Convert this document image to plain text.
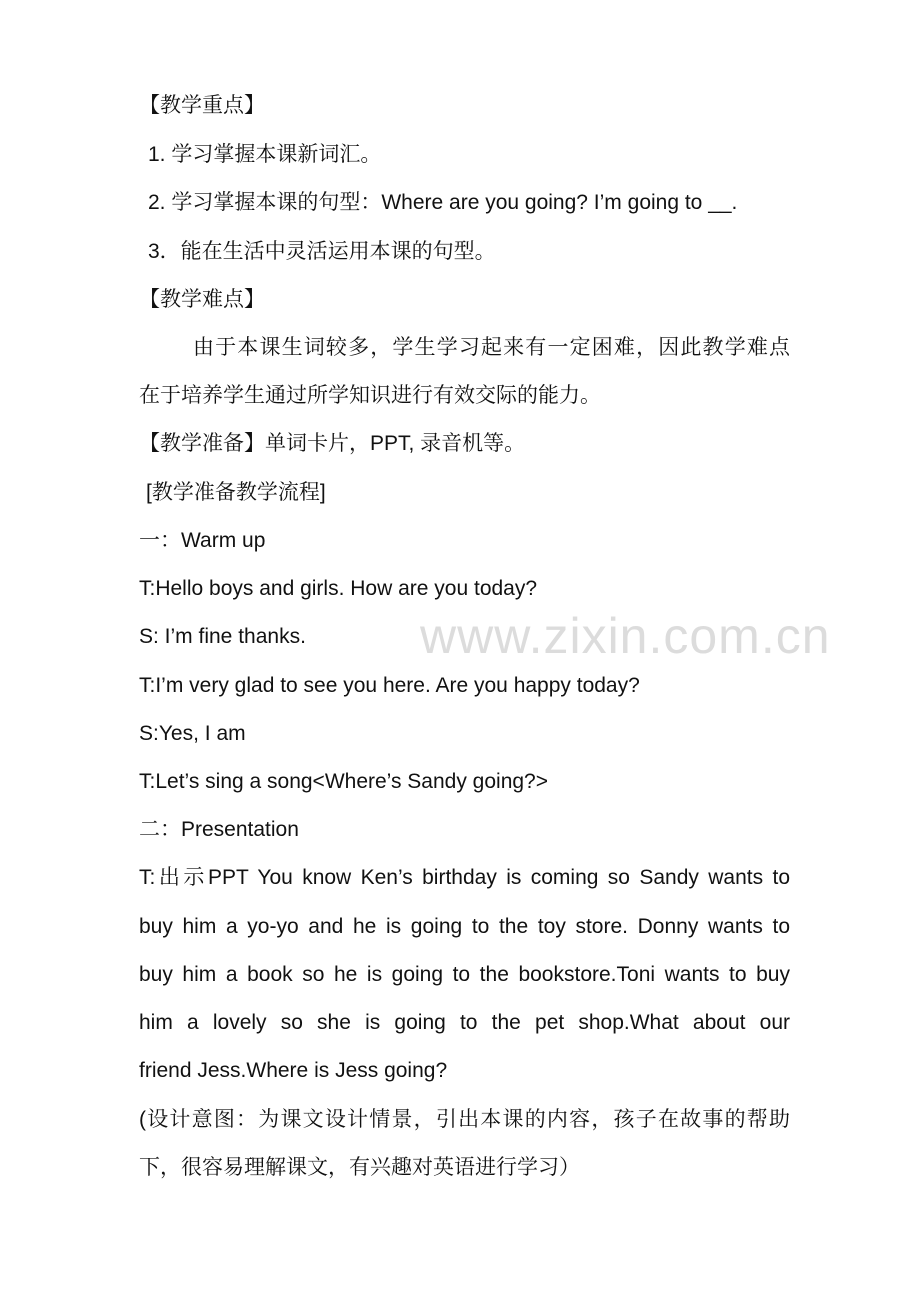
【教学重点】
1. 学习掌握本课新词汇。
2. 学习掌握本课的句型：Where are you going? I’m going to __.
3．能在生活中灵活运用本课的句型。
【教学难点】
由于本课生词较多，学生学习起来有一定困难，因此教学难点
在于培养学生通过所学知识进行有效交际的能力。
【教学准备】单词卡片，PPT, 录音机等。
[教学准备教学流程]
一：Warm up
T:Hello boys and girls. How are you today?
S: I’m fine thanks.
T:I’m very glad to see you here. Are you happy today?
S:Yes, I am
T:Let’s sing a song<Where’s Sandy going?>
二：Presentation
T:出示PPT You know Ken’s birthday is coming so Sandy wants to
buy him a yo-yo and he is going to the toy store. Donny wants to
buy him a book so he is going to the bookstore.Toni wants to buy
him a lovely so she is going to the pet shop.What about our
friend Jess.Where is Jess going?
(设计意图：为课文设计情景，引出本课的内容，孩子在故事的帮助
下，很容易理解课文，有兴趣对英语进行学习）
www.zixin.com.cn
